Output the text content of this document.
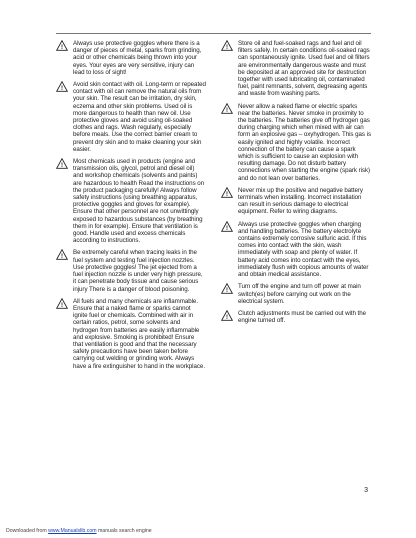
!

Always use protective goggles where there is a danger of pieces of metal, sparks from grinding, acid or other chemicals being thrown into your eyes. Your eyes are very sensitive, injury can lead to loss of sight!

!

Avoid skin contact with oil. Long-term or repeated contact with oil can remove the natural oils from your skin. The result can be irritation, dry skin, eczema and other skin problems. Used oil is more dangerous to health than new oil. Use protective gloves and avoid using oil-soaked clothes and rags. Wash regularly, especially before meals. Use the correct barrier cream to prevent dry skin and to make cleaning your skin easier.

!

Most chemicals used in products (engine and transmission oils, glycol, petrol and diesel oil) and workshop chemicals (solvents and paints) are hazardous to health Read the instructions on the product packaging carefully! Always follow safety instructions (using breathing apparatus, protective goggles and gloves for example). Ensure that other personnel are not unwittingly exposed to hazardous substances (by breathing them in for example). Ensure that ventilation is good. Handle used and excess chemicals according to instructions.

!

Be extremely careful when tracing leaks in the fuel system and testing fuel injection nozzles. Use protective goggles! The jet ejected from a fuel injection nozzle is under very high pressure, it can penetrate body tissue and cause serious injury There is a danger of blood poisoning.

!

All fuels and many chemicals are inflammable. Ensure that a naked flame or sparks cannot ignite fuel or chemicals. Combined with air in certain ratios, petrol, some solvents and hydrogen from batteries are easily inflammable and explosive. Smoking is prohibited! Ensure that ventilation is good and that the necessary safety precautions have been taken before carrying out welding or grinding work. Always have a fire extinguisher to hand in the workplace.

!

Store oil and fuel-soaked rags and fuel and oil filters safely. In certain conditions oil-soaked rags can spontaneously ignite. Used fuel and oil filters are environmentally dangerous waste and must be deposited at an approved site for destruction together with used lubricating oil, contaminated fuel, paint remnants, solvent, degreasing agents and waste from washing parts.

!

Never allow a naked flame or electric sparks near the batteries. Never smoke in proximity to the batteries. The batteries give off hydrogen gas during charging which when mixed with air can form an explosive gas – oxyhydrogen. This gas is easily ignited and highly volatile. Incorrect connection of the battery can cause a spark which is sufficient to cause an explosion with resulting damage. Do not disturb battery connections when starting the engine (spark risk) and do not lean over batteries.

!

Never mix up the positive and negative battery terminals when installing. Incorrect installation can result in serious damage to electrical equipment. Refer to wiring diagrams.

!

Always use protective goggles when charging and handling batteries. The battery electrolyte contains extremely corrosive sulfuric acid. If this comes into contact with the skin, wash immediately with soap and plenty of water. If battery acid comes into contact with the eyes, immediately flush with copious amounts of water and obtain medical assistance.

!

Turn off the engine and turn off power at main switch(es) before carrying out work on the electrical system.

!

Clutch adjustments must be carried out with the engine turned off.

3
Downloaded from www.Manualslib.com manuals search engine
